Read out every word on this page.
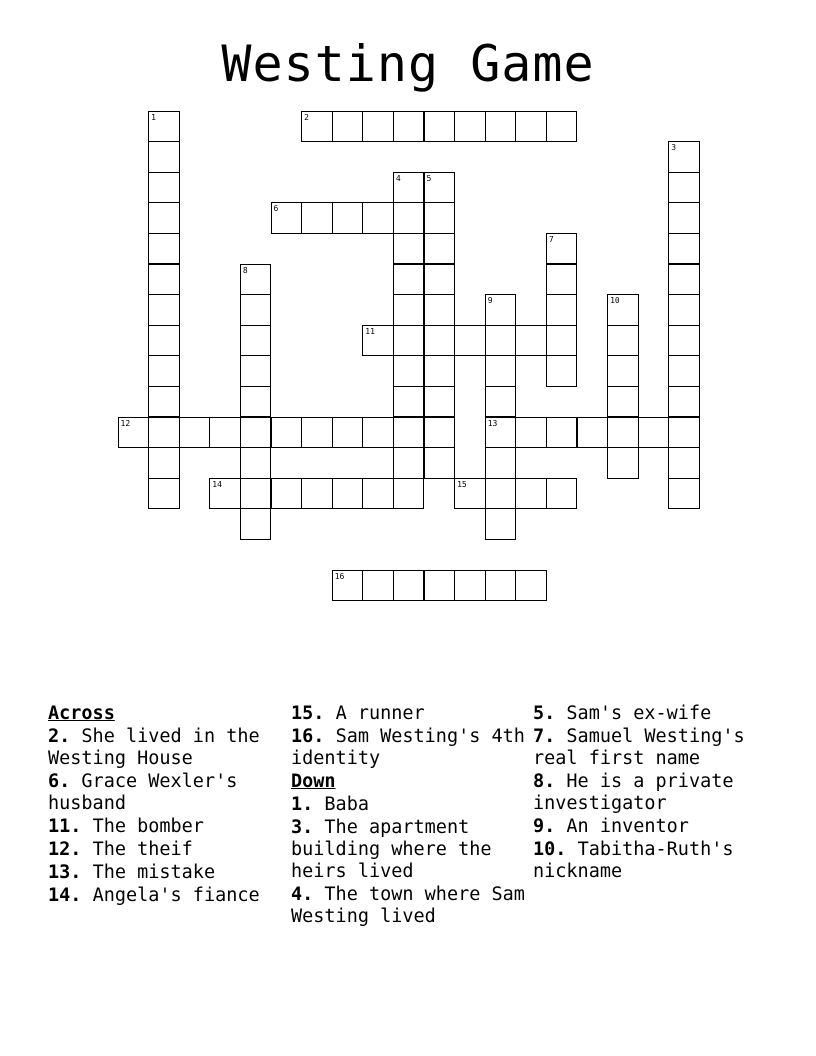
Westing Game
1	2
3
4	5
6
7
8
9
13
10
11
12
14	15
16
Across
2. She lived in the Westing House
6. Grace Wexler's husband
11. The bomber
12. The theif
13. The mistake
14. Angela's fiance
15. A runner
16. Sam Westing's 4th identity
Down
1. Baba
3. The apartment building where the heirs lived
4. The town where Sam Westing lived
5. Sam's ex-wife
7. Samuel Westing's real first name
8. He is a private investigator
9. An inventor
10. Tabitha-Ruth's nickname
